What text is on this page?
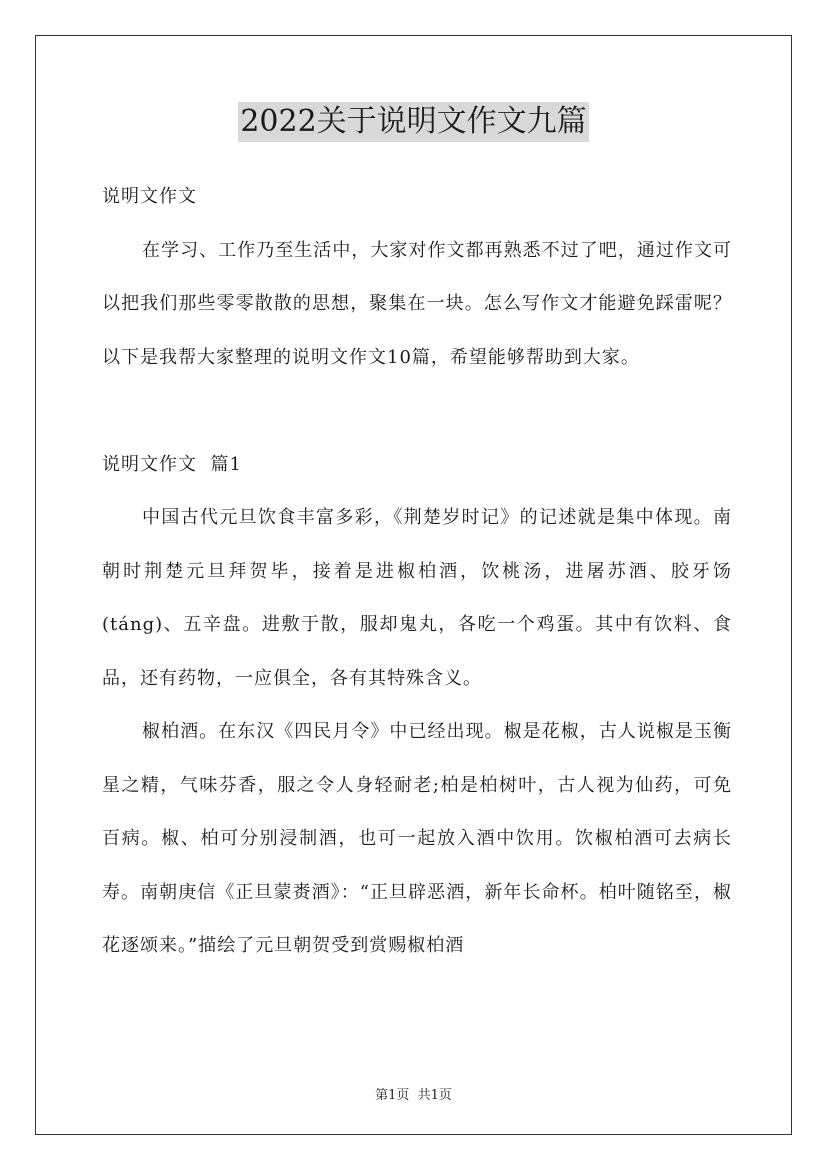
2022关于说明文作文九篇

说明文作文

在学习、工作乃至生活中，大家对作文都再熟悉不过了吧，通过作文可以把我们那些零零散散的思想，聚集在一块。怎么写作文才能避免踩雷呢？以下是我帮大家整理的说明文作文10篇，希望能够帮助到大家。

说明文作文  篇1

中国古代元旦饮食丰富多彩，《荆楚岁时记》的记述就是集中体现。南朝时荆楚元旦拜贺毕，接着是进椒柏酒，饮桃汤，进屠苏酒、胶牙饧(táng)、五辛盘。进敷于散，服却鬼丸，各吃一个鸡蛋。其中有饮料、食品，还有药物，一应俱全，各有其特殊含义。

椒柏酒。在东汉《四民月令》中已经出现。椒是花椒，古人说椒是玉衡星之精，气味芬香，服之令人身轻耐老;柏是柏树叶，古人视为仙药，可免百病。椒、柏可分别浸制酒，也可一起放入酒中饮用。饮椒柏酒可去病长寿。南朝庚信《正旦蒙赉酒》：“正旦辟恶酒，新年长命杯。柏叶随铭至，椒花逐颂来。”描绘了元旦朝贺受到赏赐椒柏酒

第1页  共1页
